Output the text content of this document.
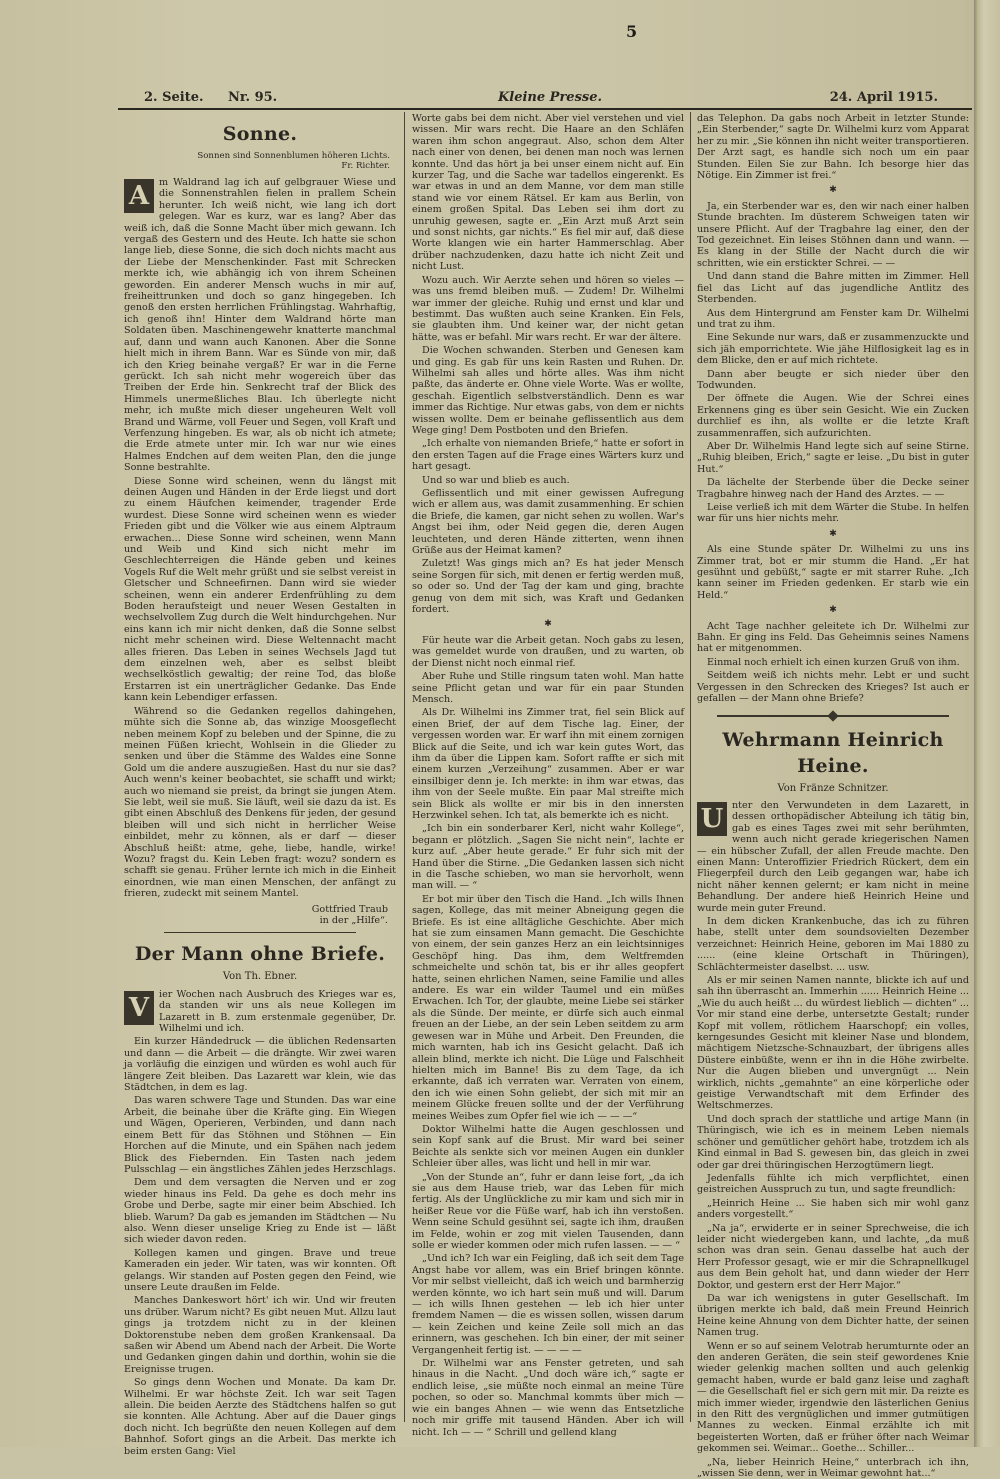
5
2. Seite. Nr. 95.	Kleine Presse.	24. April 1915.
Sonne.
Sonnen sind Sonnenblumen höheren Lichts.
Fr. Richter.

A	m Waldrand lag ich auf gelbgrauer Wiese und die Sonnenstrahlen fielen in prallem Schein herunter. Ich weiß nicht, wie lang ich dort gelegen. War es kurz, war es lang? Aber das weiß ich, daß die Sonne Macht über mich gewann. Ich vergaß des Gestern und des Heute. Ich hatte sie schon lange lieb, diese Sonne, die sich doch nichts macht aus der Liebe der Menschenkinder. Fast mit Schrecken merkte ich, wie abhängig ich von ihrem Scheinen geworden. Ein anderer Mensch wuchs in mir auf, freiheittrunken und doch so ganz hingegeben. Ich genoß den ersten herrlichen Frühlingstag. Wahrhaftig, ich genoß ihn! Hinter dem Waldrand hörte man Soldaten üben. Maschinengewehr knatterte manchmal auf, dann und wann auch Kanonen. Aber die Sonne hielt mich in ihrem Bann. War es Sünde von mir, daß ich den Krieg beinahe vergaß? Er war in die Ferne gerückt. Ich sah nicht mehr wogereich über das Treiben der Erde hin. Senkrecht traf der Blick des Himmels unermeßliches Blau. Ich überlegte nicht mehr, ich mußte mich dieser ungeheuren Welt voll Brand und Wärme, voll Feuer und Segen, voll Kraft und Verfenzung hingeben. Es war, als ob nicht ich atmete; die Erde atmete unter mir. Ich war nur wie eines Halmes Endchen auf dem weiten Plan, den die junge Sonne bestrahlte.

Diese Sonne wird scheinen, wenn du längst mit deinen Augen und Händen in der Erde liegst und dort zu einem Häufchen keimender, tragender Erde wurdest. Diese Sonne wird scheinen wenn es wieder Frieden gibt und die Völker wie aus einem Alptraum erwachen... Diese Sonne wird scheinen, wenn Mann und Weib und Kind sich nicht mehr im Geschlechterreigen die Hände geben und keines Vogels Ruf die Welt mehr grüßt und sie selbst vereist in Gletscher und Schneefirnen. Dann wird sie wieder scheinen, wenn ein anderer Erdenfrühling zu dem Boden heraufsteigt und neuer Wesen Gestalten in wechselvollem Zug durch die Welt hindurchgehen. Nur eins kann ich mir nicht denken, daß die Sonne selbst nicht mehr scheinen wird. Diese Weltennacht macht alles frieren. Das Leben in seines Wechsels Jagd tut dem einzelnen weh, aber es selbst bleibt wechselköstlich gewaltig; der reine Tod, das bloße Erstarren ist ein unerträglicher Gedanke. Das Ende kann kein Lebendiger erfassen.

Während so die Gedanken regellos dahingehen, mühte sich die Sonne ab, das winzige Moosgeflecht neben meinem Kopf zu beleben und der Spinne, die zu meinen Füßen kriecht, Wohlsein in die Glieder zu senken und über die Stämme des Waldes eine Sonne Gold um die andere auszugießen. Hast du nur sie das? Auch wenn's keiner beobachtet, sie schafft und wirkt; auch wo niemand sie preist, da bringt sie jungen Atem. Sie lebt, weil sie muß. Sie läuft, weil sie dazu da ist. Es gibt einen Abschluß des Denkens für jeden, der gesund bleiben will und sich nicht in herrlicher Weise einbildet, mehr zu können, als er darf — dieser Abschluß heißt: atme, gehe, liebe, handle, wirke! Wozu? fragst du. Kein Leben fragt: wozu? sondern es schafft sie genau. Früher lernte ich mich in die Einheit einordnen, wie man einen Menschen, der anfängt zu frieren, zudeckt mit seinem Mantel.

Gottfried Traub
in der „Hilfe“.
Der Mann ohne Briefe.
Von Th. Ebner.

V	ier Wochen nach Ausbruch des Krieges war es, da standen wir uns als neue Kollegen im Lazarett in B. zum erstenmale gegenüber, Dr. Wilhelmi und ich.

Ein kurzer Händedruck — die üblichen Redensarten und dann — die Arbeit — die drängte. Wir zwei waren ja vorläufig die einzigen und würden es wohl auch für längere Zeit bleiben. Das Lazarett war klein, wie das Städtchen, in dem es lag.

Das waren schwere Tage und Stunden. Das war eine Arbeit, die beinahe über die Kräfte ging. Ein Wiegen und Wägen, Operieren, Verbinden, und dann nach einem Bett für das Stöhnen und Stöhnen — Ein Horchen auf die Minute, und ein Spähen nach jedem Blick des Fiebernden. Ein Tasten nach jedem Pulsschlag — ein ängstliches Zählen jedes Herzschlags.

Dem und dem versagten die Nerven und er zog wieder hinaus ins Feld. Da gehe es doch mehr ins Grobe und Derbe, sagte mir einer beim Abschied. Ich blieb. Warum? Da gab es jemanden im Städtchen — Nu also. Wenn dieser unselige Krieg zu Ende ist — läßt sich wieder davon reden.

Kollegen kamen und gingen. Brave und treue Kameraden ein jeder. Wir taten, was wir konnten. Oft gelangs. Wir standen auf Posten gegen den Feind, wie unsere Leute draußen im Felde.

Manches Dankeswort hört' ich wir. Und wir freuten uns drüber. Warum nicht? Es gibt neuen Mut. Allzu laut gings ja trotzdem nicht zu in der kleinen Doktorenstube neben dem großen Krankensaal. Da saßen wir Abend um Abend nach der Arbeit. Die Worte und Gedanken gingen dahin und dorthin, wohin sie die Ereignisse trugen.

So gings denn Wochen und Monate. Da kam Dr. Wilhelmi. Er war höchste Zeit. Ich war seit Tagen allein. Die beiden Aerzte des Städtchens halfen so gut sie konnten. Alle Achtung. Aber auf die Dauer gings doch nicht. Ich begrüßte den neuen Kollegen auf dem Bahnhof. Sofort gings an die Arbeit. Das merkte ich beim ersten Gang: Viel

Worte gabs bei dem nicht. Aber viel verstehen und viel wissen. Mir wars recht. Die Haare an den Schläfen waren ihm schon angegraut. Also, schon dem Alter nach einer von denen, bei denen man noch was lernen konnte. Und das hört ja bei unser einem nicht auf. Ein kurzer Tag, und die Sache war tadellos eingerenkt. Es war etwas in und an dem Manne, vor dem man stille stand wie vor einem Rätsel. Er kam aus Berlin, von einem großen Spital. Das Leben sei ihm dort zu unruhig gewesen, sagte er. „Ein Arzt muß Arzt sein und sonst nichts, gar nichts.“ Es fiel mir auf, daß diese Worte klangen wie ein harter Hammerschlag. Aber drüber nachzudenken, dazu hatte ich nicht Zeit und nicht Lust.

Wozu auch. Wir Aerzte sehen und hören so vieles — was uns fremd bleiben muß. — Zudem! Dr. Wilhelmi war immer der gleiche. Ruhig und ernst und klar und bestimmt. Das wußten auch seine Kranken. Ein Fels, sie glaubten ihm. Und keiner war, der nicht getan hätte, was er befahl. Mir wars recht. Er war der ältere.

Die Wochen schwanden. Sterben und Genesen kam und ging. Es gab für uns kein Rasten und Ruhen. Dr. Wilhelmi sah alles und hörte alles. Was ihm nicht paßte, das änderte er. Ohne viele Worte. Was er wollte, geschah. Eigentlich selbstverständlich. Denn es war immer das Richtige. Nur etwas gabs, von dem er nichts wissen wollte. Dem er beinahe geflissentlich aus dem Wege ging! Dem Postboten und den Briefen.

„Ich erhalte von niemanden Briefe,“ hatte er sofort in den ersten Tagen auf die Frage eines Wärters kurz und hart gesagt.

Und so war und blieb es auch.

Geflissentlich und mit einer gewissen Aufregung wich er allem aus, was damit zusammenhing. Er schien die Briefe, die kamen, gar nicht sehen zu wollen. War's Angst bei ihm, oder Neid gegen die, deren Augen leuchteten, und deren Hände zitterten, wenn ihnen Grüße aus der Heimat kamen?

Zuletzt! Was gings mich an? Es hat jeder Mensch seine Sorgen für sich, mit denen er fertig werden muß, so oder so. Und der Tag der kam und ging, brachte genug von dem mit sich, was Kraft und Gedanken fordert.

✱

Für heute war die Arbeit getan. Noch gabs zu lesen, was gemeldet wurde von draußen, und zu warten, ob der Dienst nicht noch einmal rief.

Aber Ruhe und Stille ringsum taten wohl. Man hatte seine Pflicht getan und war für ein paar Stunden Mensch.

Als Dr. Wilhelmi ins Zimmer trat, fiel sein Blick auf einen Brief, der auf dem Tische lag. Einer, der vergessen worden war. Er warf ihn mit einem zornigen Blick auf die Seite, und ich war kein gutes Wort, das ihm da über die Lippen kam. Sofort raffte er sich mit einem kurzen „Verzeihung“ zusammen. Aber er war einsilbiger denn je. Ich merkte: in ihm war etwas, das ihm von der Seele mußte. Ein paar Mal streifte mich sein Blick als wollte er mir bis in den innersten Herzwinkel sehen. Ich tat, als bemerkte ich es nicht.

„Ich bin ein sonderbarer Kerl, nicht wahr Kollege“, begann er plötzlich. „Sagen Sie nicht nein“, lachte er kurz auf. „Aber heute gerade.“ Er fuhr sich mit der Hand über die Stirne. „Die Gedanken lassen sich nicht in die Tasche schieben, wo man sie hervorholt, wenn man will. — “

Er bot mir über den Tisch die Hand. „Ich wills Ihnen sagen, Kollege, das mit meiner Abneigung gegen die Briefe. Es ist eine alltägliche Geschichte. Aber mich hat sie zum einsamen Mann gemacht. Die Geschichte von einem, der sein ganzes Herz an ein leichtsinniges Geschöpf hing. Das ihm, dem Weltfremden schmeichelte und schön tat, bis er ihr alles geopfert hatte, seinen ehrlichen Namen, seine Familie und alles andere. Es war ein wilder Taumel und ein müßes Erwachen. Ich Tor, der glaubte, meine Liebe sei stärker als die Sünde. Der meinte, er dürfe sich auch einmal freuen an der Liebe, an der sein Leben seitdem zu arm gewesen war in Mühe und Arbeit. Den Freunden, die mich warnten, hab ich ins Gesicht gelacht. Daß ich allein blind, merkte ich nicht. Die Lüge und Falschheit hielten mich im Banne! Bis zu dem Tage, da ich erkannte, daß ich verraten war. Verraten von einem, den ich wie einen Sohn geliebt, der sich mit mir an meinem Glücke freuen sollte und der der Verführung meines Weibes zum Opfer fiel wie ich — — —“

Doktor Wilhelmi hatte die Augen geschlossen und sein Kopf sank auf die Brust. Mir ward bei seiner Beichte als senkte sich vor meinen Augen ein dunkler Schleier über alles, was licht und hell in mir war.

„Von der Stunde an“, fuhr er dann leise fort, „da ich sie aus dem Hause trieb, war das Leben für mich fertig. Als der Unglückliche zu mir kam und sich mir in heißer Reue vor die Füße warf, hab ich ihn verstoßen. Wenn seine Schuld gesühnt sei, sagte ich ihm, draußen im Felde, wohin er zog mit vielen Tausenden, dann solle er wieder kommen oder mich rufen lassen. — — “

„Und ich? Ich war ein Feigling, daß ich seit dem Tage Angst habe vor allem, was ein Brief bringen könnte. Vor mir selbst vielleicht, daß ich weich und barmherzig werden könnte, wo ich hart sein muß und will. Darum — ich wills Ihnen gestehen — leb ich hier unter fremdem Namen — die es wissen sollen, wissen darum — kein Zeichen und keine Zeile soll mich an das erinnern, was geschehen. Ich bin einer, der mit seiner Vergangenheit fertig ist. — — — —

Dr. Wilhelmi war ans Fenster getreten, und sah hinaus in die Nacht. „Und doch wäre ich,“ sagte er endlich leise, „sie müßte noch einmal an meine Türe pochen, so oder so. Manchmal kommts über mich — wie ein banges Ahnen — wie wenn das Entsetzliche noch mir griffe mit tausend Händen. Aber ich will nicht. Ich — — “ Schrill und gellend klang

das Telephon. Da gabs noch Arbeit in letzter Stunde: „Ein Sterbender,“ sagte Dr. Wilhelmi kurz vom Apparat her zu mir. „Sie können ihn nicht weiter transportieren. Der Arzt sagt, es handle sich noch um ein paar Stunden. Eilen Sie zur Bahn. Ich besorge hier das Nötige. Ein Zimmer ist frei.“

✱

Ja, ein Sterbender war es, den wir nach einer halben Stunde brachten. Im düsterem Schweigen taten wir unsere Pflicht. Auf der Tragbahre lag einer, den der Tod gezeichnet. Ein leises Stöhnen dann und wann. — Es klang in der Stille der Nacht durch die wir schritten, wie ein erstickter Schrei. — —

Und dann stand die Bahre mitten im Zimmer. Hell fiel das Licht auf das jugendliche Antlitz des Sterbenden.

Aus dem Hintergrund am Fenster kam Dr. Wilhelmi und trat zu ihm.

Eine Sekunde nur wars, daß er zusammenzuckte und sich jäh emporrichtete. Wie jähe Hilflosigkeit lag es in dem Blicke, den er auf mich richtete.

Dann aber beugte er sich nieder über den Todwunden.

Der öffnete die Augen. Wie der Schrei eines Erkennens ging es über sein Gesicht. Wie ein Zucken durchlief es ihn, als wollte er die letzte Kraft zusammenraffen, sich aufzurichten.

Aber Dr. Wilhelmis Hand legte sich auf seine Stirne. „Ruhig bleiben, Erich,“ sagte er leise. „Du bist in guter Hut.“

Da lächelte der Sterbende über die Decke seiner Tragbahre hinweg nach der Hand des Arztes. — —

Leise verließ ich mit dem Wärter die Stube. In helfen war für uns hier nichts mehr.

✱

Als eine Stunde später Dr. Wilhelmi zu uns ins Zimmer trat, bot er mir stumm die Hand. „Er hat gesühnt und gebüßt,“ sagte er mit starrer Ruhe. „Ich kann seiner im Frieden gedenken. Er starb wie ein Held.“

✱

Acht Tage nachher geleitete ich Dr. Wilhelmi zur Bahn. Er ging ins Feld. Das Geheimnis seines Namens hat er mitgenommen.

Einmal noch erhielt ich einen kurzen Gruß von ihm.

Seitdem weiß ich nichts mehr. Lebt er und sucht Vergessen in den Schrecken des Krieges? Ist auch er gefallen — der Mann ohne Briefe?

Wehrmann Heinrich Heine.
Von Fränze Schnitzer.

U nter den Verwundeten in dem Lazarett, in dessen orthopädischer Abteilung ich tätig bin, gab es eines Tages zwei mit sehr berühmten, wenn auch nicht gerade kriegerischen Namen — ein hübscher Zufall, der allen Freude machte. Den einen Mann: Unteroffizier Friedrich Rückert, dem ein Fliegerpfeil durch den Leib gegangen war, habe ich nicht näher kennen gelernt; er kam nicht in meine Behandlung. Der andere hieß Heinrich Heine und wurde mein guter Freund.

In dem dicken Krankenbuche, das ich zu führen habe, stellt unter dem soundsovielten Dezember verzeichnet: Heinrich Heine, geboren im Mai 1880 zu ...... (eine kleine Ortschaft in Thüringen), Schlächtermeister daselbst. ... usw.

Als er mir seinen Namen nannte, blickte ich auf und sah ihn überrascht an. Immerhin ...... Heinrich Heine ... „Wie du auch heißt ... du würdest lieblich — dichten“ ... Vor mir stand eine derbe, untersetzte Gestalt; runder Kopf mit vollem, rötlichem Haarschopf; ein volles, kerngesundes Gesicht mit kleiner Nase und blondem, mächtigem Nietzsche-Schnauzbart, der übrigens alles Düstere einbüßte, wenn er ihn in die Höhe zwirbelte. Nur die Augen blieben und unvergnügt ... Nein wirklich, nichts „gemahnte“ an eine körperliche oder geistige Verwandtschaft mit dem Erfinder des Weltschmerzes.

Und doch sprach der stattliche und artige Mann (in Thüringisch, wie ich es in meinem Leben niemals schöner und gemütlicher gehört habe, trotzdem ich als Kind einmal in Bad S. gewesen bin, das gleich in zwei oder gar drei thüringischen Herzogtümern liegt.

Jedenfalls fühlte ich mich verpflichtet, einen geistreichen Ausspruch zu tun, und sagte freundlich:

„Heinrich Heine ... Sie haben sich mir wohl ganz anders vorgestellt.“

„Na ja“, erwiderte er in seiner Sprechweise, die ich leider nicht wiedergeben kann, und lachte, „da muß schon was dran sein. Genau dasselbe hat auch der Herr Professor gesagt, wie er mir die Schrapnellkugel aus dem Bein geholt hat, und dann wieder der Herr Doktor, und gestern erst der Herr Major.“

Da war ich wenigstens in guter Gesellschaft. Im übrigen merkte ich bald, daß mein Freund Heinrich Heine keine Ahnung von dem Dichter hatte, der seinen Namen trug.

Wenn er so auf seinem Velotrab herumturnte oder an den anderen Geräten, die sein steif gewordenes Knie wieder gelenkig machen sollten und auch gelenkig gemacht haben, wurde er bald ganz leise und zaghaft — die Gesellschaft fiel er sich gern mit mir. Da reizte es mich immer wieder, irgendwie den lästerlichen Genius in den Ritt des vergnüglichen und immer gutmütigen Mannes zu wecken. Einmal erzählte ich mit begeisterten Worten, daß er früher öfter nach Weimar gekommen sei. Weimar... Goethe... Schiller...

„Na, lieber Heinrich Heine,“ unterbrach ich ihn, „wissen Sie denn, wer in Weimar gewohnt hat...“
